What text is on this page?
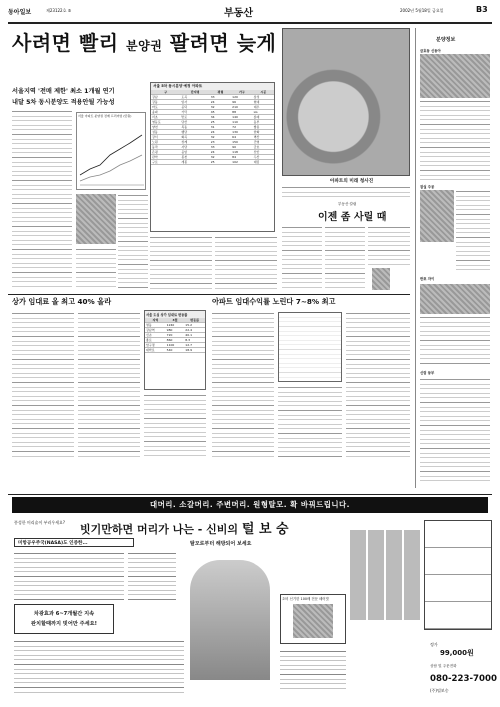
동아일보	제23122호 ⑤	부동산	2002년 5월18일 금요일	B3
사려면 빨리 분양권 팔려면 늦게
서울지역 '전매 제한' 최소 1개월 연기
내달 5차 동시분양도 적용안될 가능성
서울 아파트 분양권 전매 프리미엄 (만원)
서울 5차 동시분양 예정 아파트
구	단지명	평형	가구	시공
강남	도곡	33	120	삼성
강동	암사	24	96	현대
마포	공덕	32	210	대우
송파	가락	45	88	LG
서초	반포	34	140	롯데
영등포	당산	25	110	동부
양천	목동	31	72	쌍용
성동	행당	24	130	한화
강서	화곡	32	64	벽산
노원	상계	23	150	건영
동작	사당	33	90	금호
은평	응암	24	118	신안
관악	봉천	32	84	두산
구로	개봉	25	102	대림
아파트의 미래 청사진
부동산 칼럼
이젠 좀 사릴 때
분양정보
금호동 신동아
잠실 주공
반포 자이
신림 동부
상가 임대료 올 최고 40% 올라
서울 도심 상가 임대료 변동률
지역	4월	변동률
명동	1240	15.2
강남역	980	22.4
신촌	720	40.1
종로	860	8.3
압구정	1100	12.7
대학로	540	18.9
아파트 임대수익률 노린다 7~8% 최고
대머리. 소갈머리. 주변머리. 원형탈모. 확 바꿔드립니다.
풍성한 머리숱이 부러우세요?
빗기만하면 머리가 나는 - 신비의 털 보 숭
미항공우주국(NASA)도 인증한...	탈모로부터 해방되어 보세요
차광효과 6~7개월간 지속
완치할때까지 빗어만 주세요!
초비 신기한 100배 전문 헤어빗
정가
99,000원
상담 및 주문전화
080-223-7000
(주)털보숭
